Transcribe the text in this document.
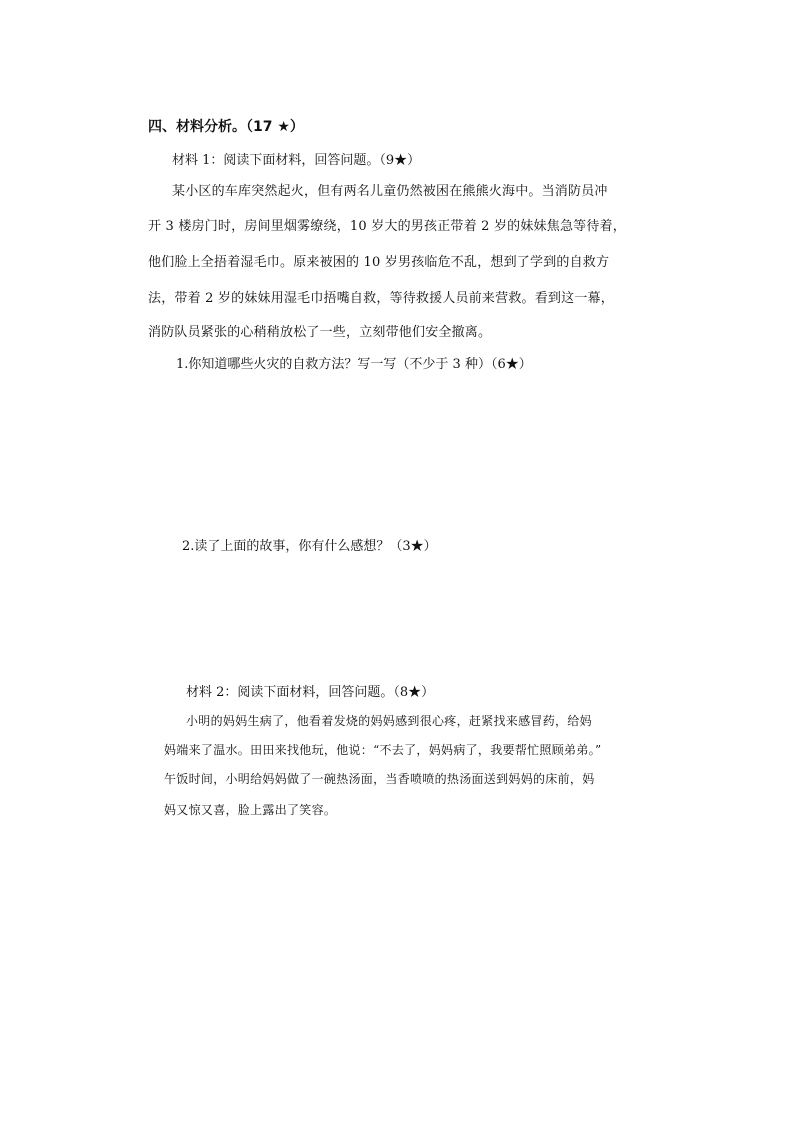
四、材料分析。（17 ★）
材料 1：阅读下面材料，回答问题。（9★）
某小区的车库突然起火，但有两名儿童仍然被困在熊熊火海中。当消防员冲
开 3 楼房门时，房间里烟雾缭绕，10 岁大的男孩正带着 2 岁的妹妹焦急等待着，
他们脸上全捂着湿毛巾。原来被困的 10 岁男孩临危不乱，想到了学到的自救方
法，带着 2 岁的妹妹用湿毛巾捂嘴自救，等待救援人员前来营救。看到这一幕，
消防队员紧张的心稍稍放松了一些，立刻带他们安全撤离。
1.你知道哪些火灾的自救方法？写一写（不少于 3 种）（6★）
2.读了上面的故事，你有什么感想？（3★）
材料 2：阅读下面材料，回答问题。（8★）
小明的妈妈生病了，他看着发烧的妈妈感到很心疼，赶紧找来感冒药，给妈
妈端来了温水。田田来找他玩，他说：“不去了，妈妈病了，我要帮忙照顾弟弟。”
午饭时间，小明给妈妈做了一碗热汤面，当香喷喷的热汤面送到妈妈的床前，妈
妈又惊又喜，脸上露出了笑容。
